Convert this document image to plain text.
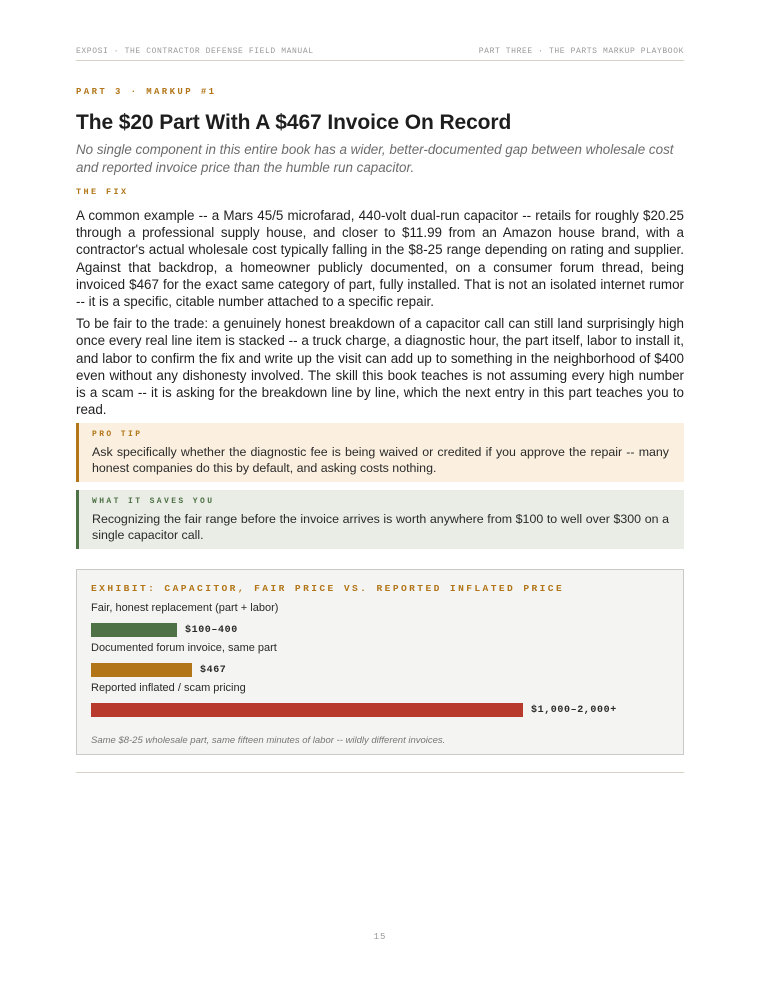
EXPOSI · THE CONTRACTOR DEFENSE FIELD MANUAL	PART THREE · THE PARTS MARKUP PLAYBOOK
PART 3 · MARKUP #1
The $20 Part With A $467 Invoice On Record

No single component in this entire book has a wider, better-documented gap between wholesale cost and reported invoice price than the humble run capacitor.

THE FIX

A common example -- a Mars 45/5 microfarad, 440-volt dual-run capacitor -- retails for roughly $20.25 through a professional supply house, and closer to $11.99 from an Amazon house brand, with a contractor's actual wholesale cost typically falling in the $8-25 range depending on rating and supplier. Against that backdrop, a homeowner publicly documented, on a consumer forum thread, being invoiced $467 for the exact same category of part, fully installed. That is not an isolated internet rumor -- it is a specific, citable number attached to a specific repair.

To be fair to the trade: a genuinely honest breakdown of a capacitor call can still land surprisingly high once every real line item is stacked -- a truck charge, a diagnostic hour, the part itself, labor to install it, and labor to confirm the fix and write up the visit can add up to something in the neighborhood of $400 even without any dishonesty involved. The skill this book teaches is not assuming every high number is a scam -- it is asking for the breakdown line by line, which the next entry in this part teaches you to read.

PRO TIP
Ask specifically whether the diagnostic fee is being waived or credited if you approve the repair -- many honest companies do this by default, and asking costs nothing.
WHAT IT SAVES YOU
Recognizing the fair range before the invoice arrives is worth anywhere from $100 to well over $300 on a single capacitor call.
EXHIBIT: CAPACITOR, FAIR PRICE VS. REPORTED INFLATED PRICE
Fair, honest replacement (part + labor)
$100–400
Documented forum invoice, same part
$467
Reported inflated / scam pricing
$1,000–2,000+
Same $8-25 wholesale part, same fifteen minutes of labor -- wildly different invoices.
15
